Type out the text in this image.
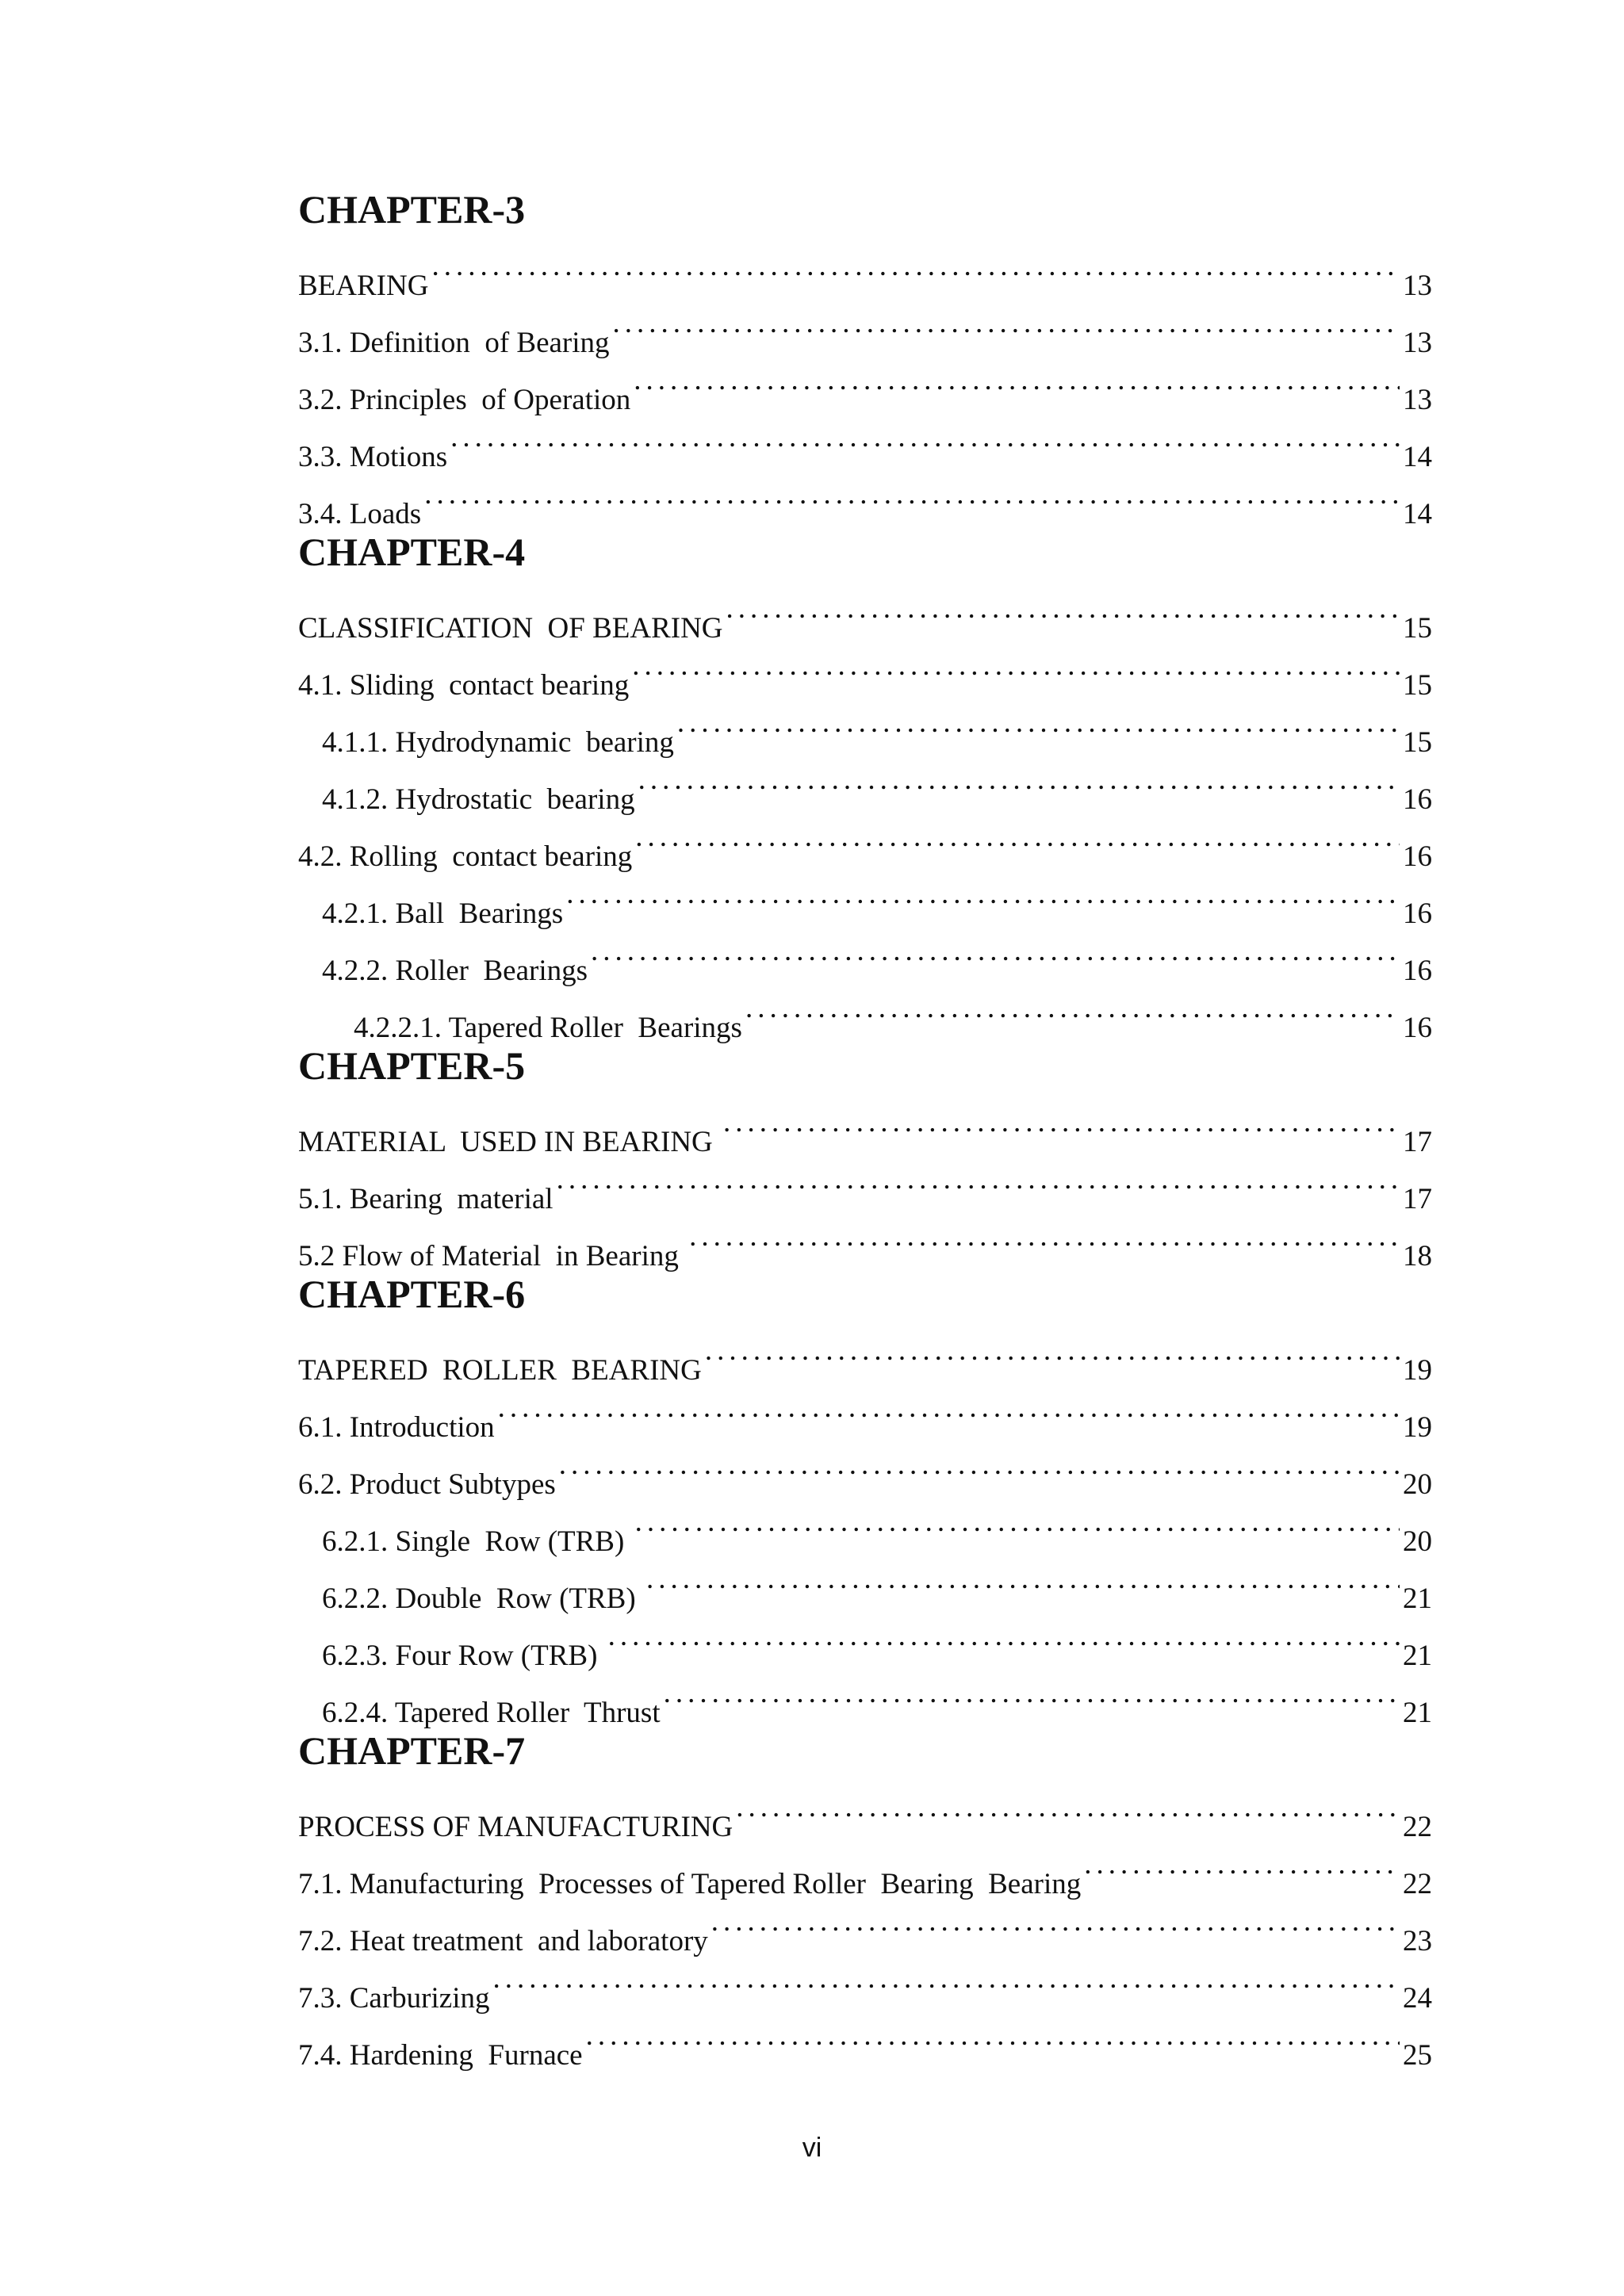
CHAPTER-3
BEARING .....	13
3.1. Definition  of Bearing .....	13
3.2. Principles  of Operation .....	13
3.3. Motions .....	14
3.4. Loads .....	14
CHAPTER-4
CLASSIFICATION  OF BEARING .....	15
4.1. Sliding  contact bearing .....	15
4.1.1. Hydrodynamic  bearing .....	15
4.1.2. Hydrostatic  bearing .....	16
4.2. Rolling  contact bearing .....	16
4.2.1. Ball  Bearings .....	16
4.2.2. Roller  Bearings .....	16
4.2.2.1. Tapered Roller  Bearings .....	16
CHAPTER-5
MATERIAL  USED IN BEARING .....	17
5.1. Bearing  material .....	17
5.2 Flow of Material  in Bearing .....	18
CHAPTER-6
TAPERED  ROLLER  BEARING .....	19
6.1. Introduction .....	19
6.2. Product Subtypes .....	20
6.2.1. Single  Row (TRB) .....	20
6.2.2. Double  Row (TRB) .....	21
6.2.3. Four Row (TRB) .....	21
6.2.4. Tapered Roller  Thrust .....	21
CHAPTER-7
PROCESS OF MANUFACTURING .....	22
7.1. Manufacturing  Processes of Tapered Roller  Bearing  Bearing .....	22
7.2. Heat treatment  and laboratory .....	23
7.3. Carburizing .....	24
7.4. Hardening  Furnace .....	25
vi
